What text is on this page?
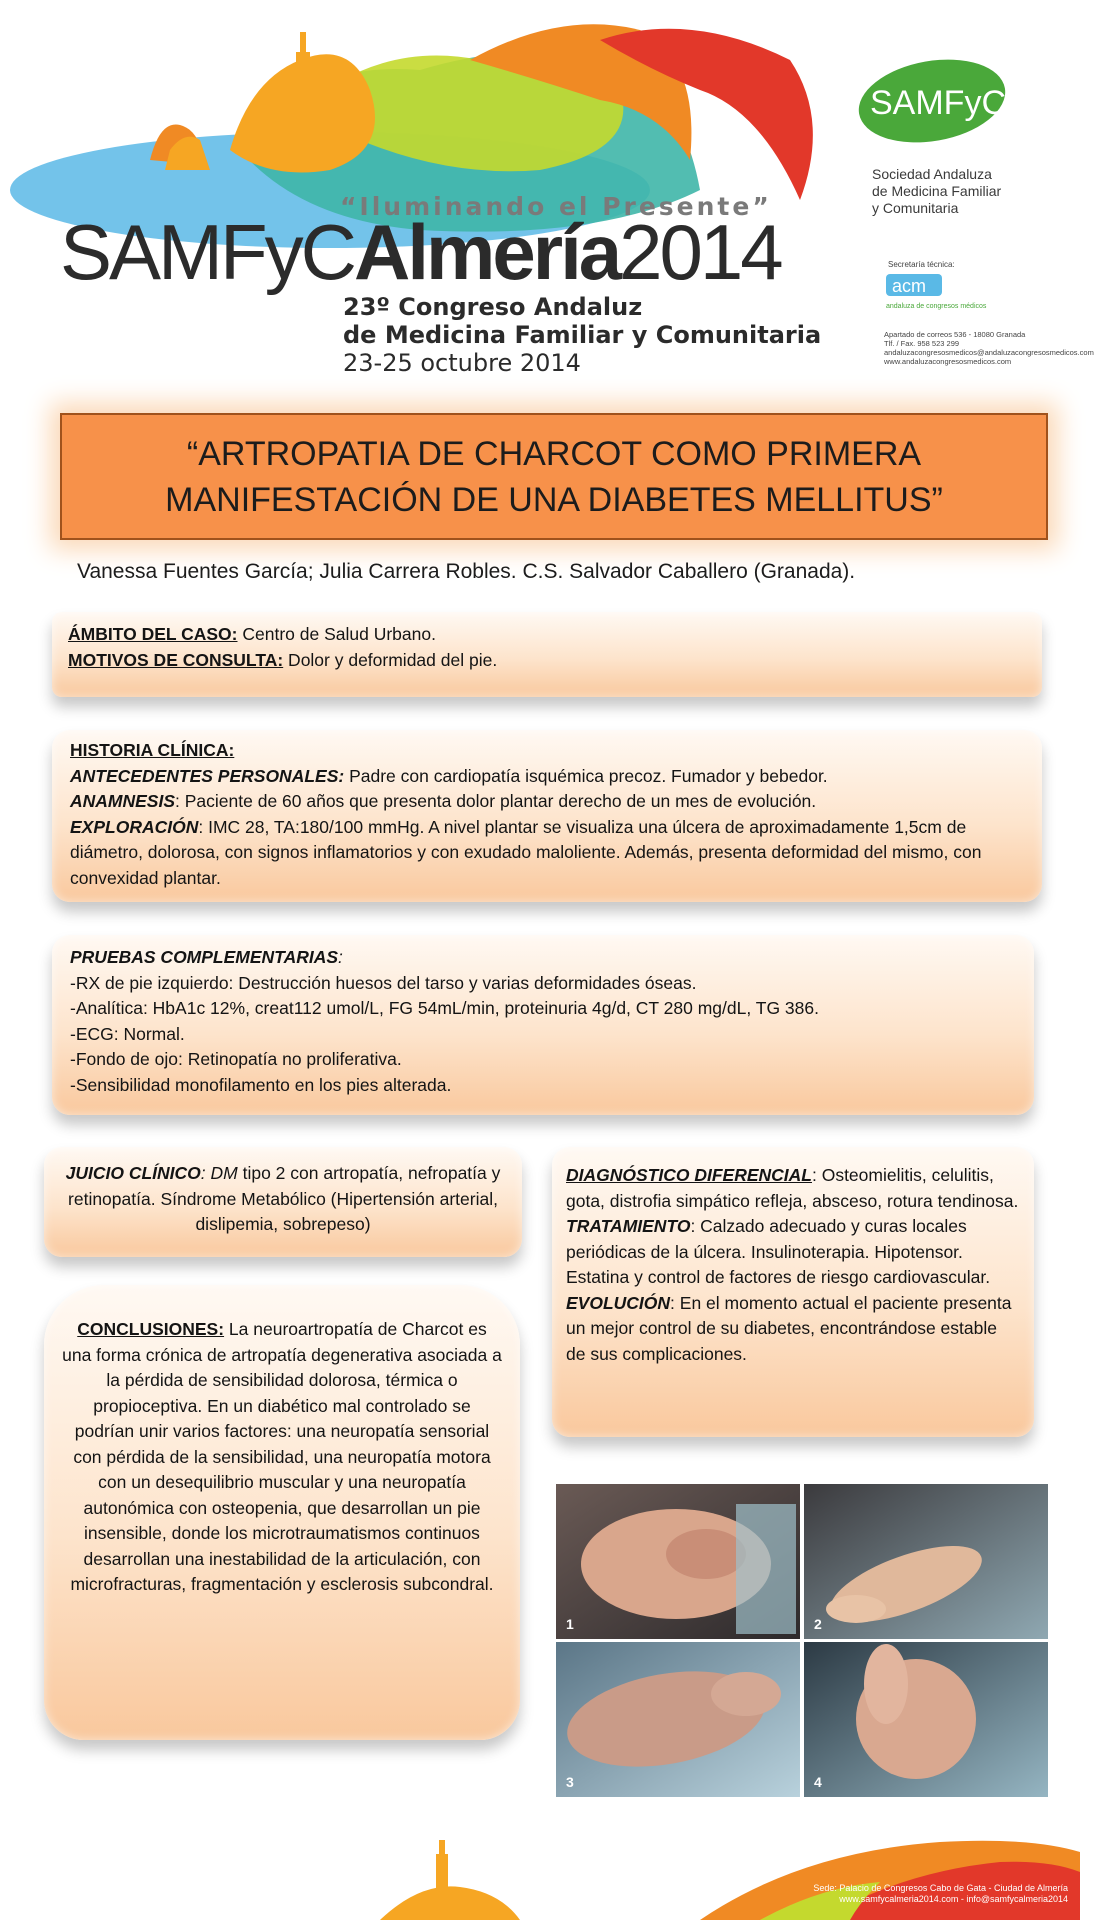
“Iluminando el Presente”
SAMFyCAlmería2014
23º Congreso Andaluz
de Medicina Familiar y Comunitaria
23-25 octubre 2014
SAMFyC
Sociedad Andaluza
de Medicina Familiar
y Comunitaria
Secretaría técnica:
acm
andaluza de congresos médicos
Apartado de correos 536 - 18080 Granada
Tlf. / Fax. 958 523 299
andaluzacongresosmedicos@andaluzacongresosmedicos.com
www.andaluzacongresosmedicos.com
“ARTROPATIA DE CHARCOT COMO PRIMERA
MANIFESTACIÓN DE UNA DIABETES MELLITUS”
Vanessa Fuentes García; Julia Carrera Robles. C.S. Salvador Caballero (Granada).
ÁMBITO DEL CASO: Centro de Salud Urbano.
MOTIVOS DE CONSULTA: Dolor y deformidad del pie.
HISTORIA CLÍNICA:
ANTECEDENTES PERSONALES: Padre con cardiopatía isquémica precoz. Fumador y bebedor.
ANAMNESIS: Paciente de 60 años que presenta dolor plantar derecho de un mes de evolución.
EXPLORACIÓN: IMC 28, TA:180/100 mmHg. A nivel plantar se visualiza una úlcera de aproximadamente 1,5cm de diámetro, dolorosa, con signos inflamatorios y con exudado maloliente. Además, presenta deformidad del mismo, con convexidad plantar.
PRUEBAS COMPLEMENTARIAS:
-RX de pie izquierdo: Destrucción huesos del tarso y varias deformidades óseas.
-Analítica: HbA1c 12%, creat112 umol/L, FG 54mL/min, proteinuria 4g/d, CT 280 mg/dL, TG 386.
-ECG: Normal.
-Fondo de ojo: Retinopatía no proliferativa.
-Sensibilidad monofilamento en los pies alterada.
JUICIO CLÍNICO: DM tipo 2 con artropatía, nefropatía y retinopatía. Síndrome Metabólico (Hipertensión arterial, dislipemia, sobrepeso)
DIAGNÓSTICO DIFERENCIAL: Osteomielitis, celulitis, gota, distrofia simpático refleja, absceso, rotura tendinosa.
TRATAMIENTO: Calzado adecuado y curas locales periódicas de la úlcera. Insulinoterapia. Hipotensor. Estatina y control de factores de riesgo cardiovascular.
EVOLUCIÓN: En el momento actual el paciente presenta un mejor control de su diabetes, encontrándose estable de sus complicaciones.
CONCLUSIONES: La neuroartropatía de Charcot es una forma crónica de artropatía degenerativa asociada a la pérdida de sensibilidad dolorosa, térmica o propioceptiva. En un diabético mal controlado se podrían unir varios factores: una neuropatía sensorial con pérdida de la sensibilidad, una neuropatía motora con un desequilibrio muscular y una neuropatía autonómica con osteopenia, que desarrollan un pie insensible, donde los microtraumatismos continuos desarrollan una inestabilidad de la articulación, con microfracturas, fragmentación y esclerosis subcondral.
1	2
3	4
Sede: Palacio de Congresos Cabo de Gata - Ciudad de Almería
www.samfycalmeria2014.com - info@samfycalmeria2014
